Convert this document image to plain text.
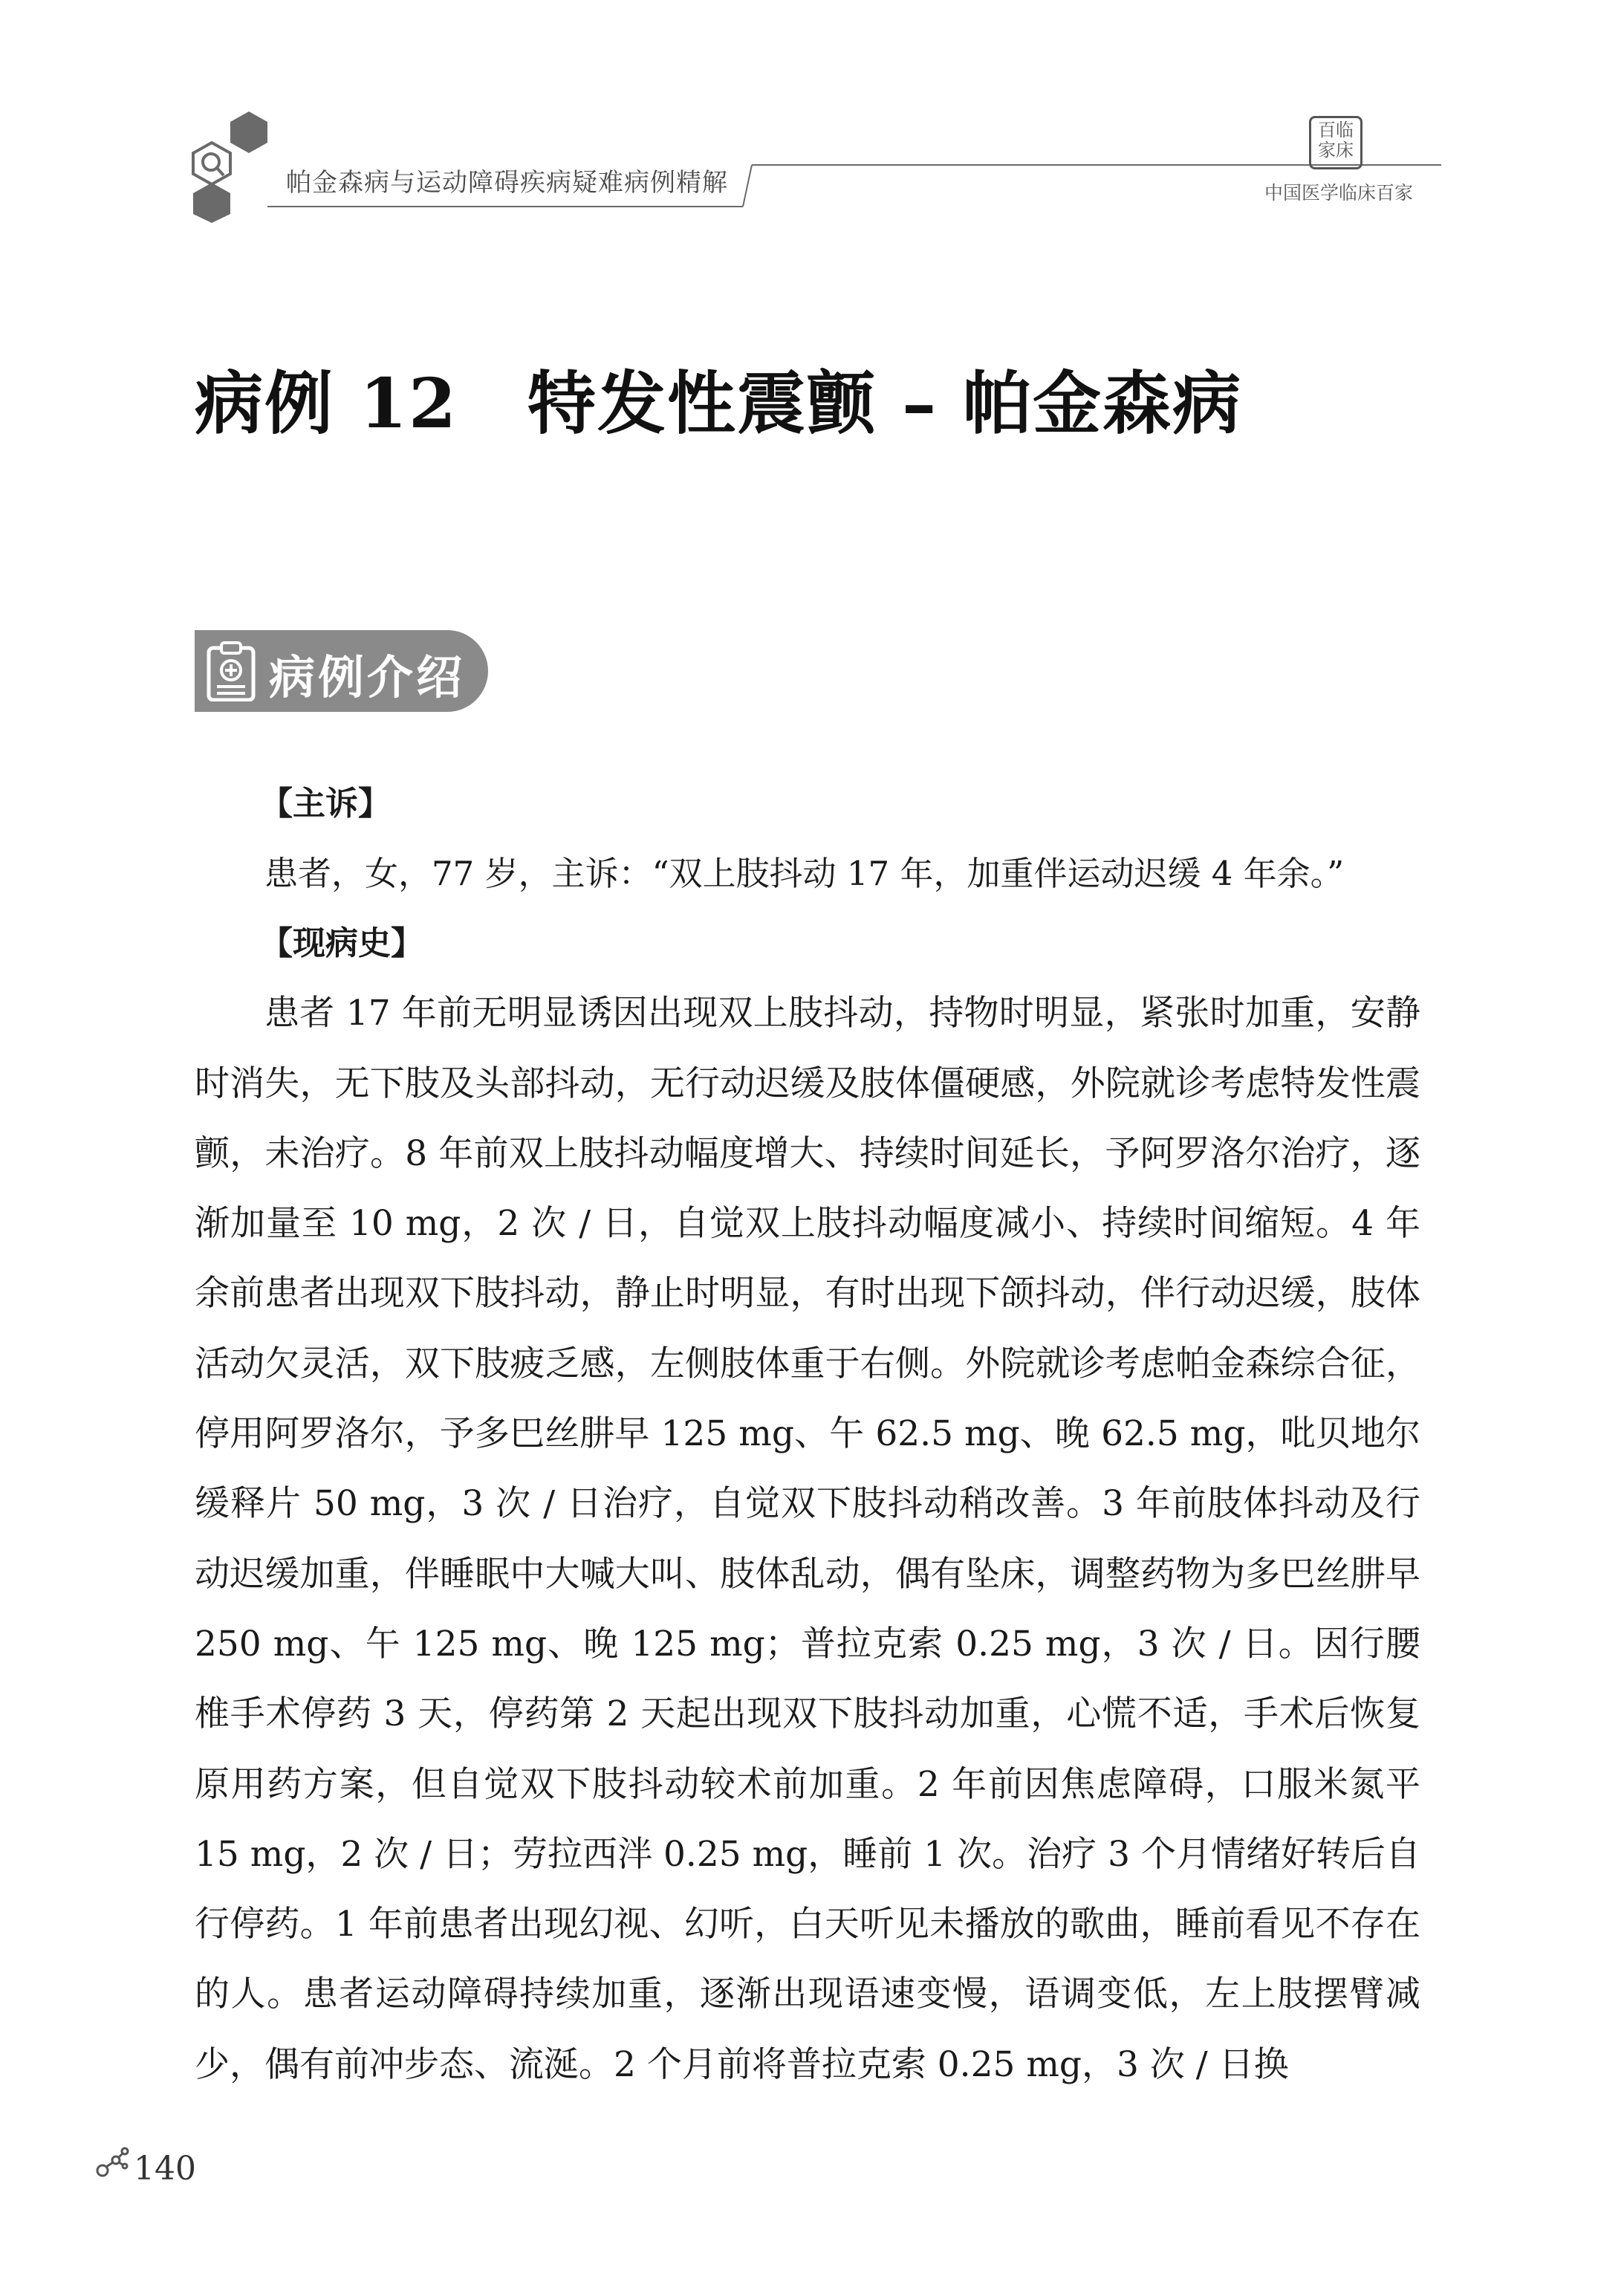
帕金森病与运动障碍疾病疑难病例精解
百临家床
中国医学临床百家
病例 12　特发性震颤 – 帕金森病
病例介绍
【主诉】

患者，女，77 岁，主诉：“双上肢抖动 17 年，加重伴运动迟缓 4 年余。”

【现病史】

患者 17 年前无明显诱因出现双上肢抖动，持物时明显，紧张时加重，安静时消失，无下肢及头部抖动，无行动迟缓及肢体僵硬感，外院就诊考虑特发性震颤，未治疗。8 年前双上肢抖动幅度增大、持续时间延长，予阿罗洛尔治疗，逐渐加量至 10 mg，2 次 / 日，自觉双上肢抖动幅度减小、持续时间缩短。4 年余前患者出现双下肢抖动，静止时明显，有时出现下颌抖动，伴行动迟缓，肢体活动欠灵活，双下肢疲乏感，左侧肢体重于右侧。外院就诊考虑帕金森综合征，停用阿罗洛尔，予多巴丝肼早 125 mg、午 62.5 mg、晚 62.5 mg，吡贝地尔缓释片 50 mg，3 次 / 日治疗，自觉双下肢抖动稍改善。3 年前肢体抖动及行动迟缓加重，伴睡眠中大喊大叫、肢体乱动，偶有坠床，调整药物为多巴丝肼早 250 mg、午 125 mg、晚 125 mg；普拉克索 0.25 mg，3 次 / 日。因行腰椎手术停药 3 天，停药第 2 天起出现双下肢抖动加重，心慌不适，手术后恢复原用药方案，但自觉双下肢抖动较术前加重。2 年前因焦虑障碍，口服米氮平 15 mg，2 次 / 日；劳拉西泮 0.25 mg，睡前 1 次。治疗 3 个月情绪好转后自行停药。1 年前患者出现幻视、幻听，白天听见未播放的歌曲，睡前看见不存在的人。患者运动障碍持续加重，逐渐出现语速变慢，语调变低，左上肢摆臂减少，偶有前冲步态、流涎。2 个月前将普拉克索 0.25 mg，3 次 / 日换

140
